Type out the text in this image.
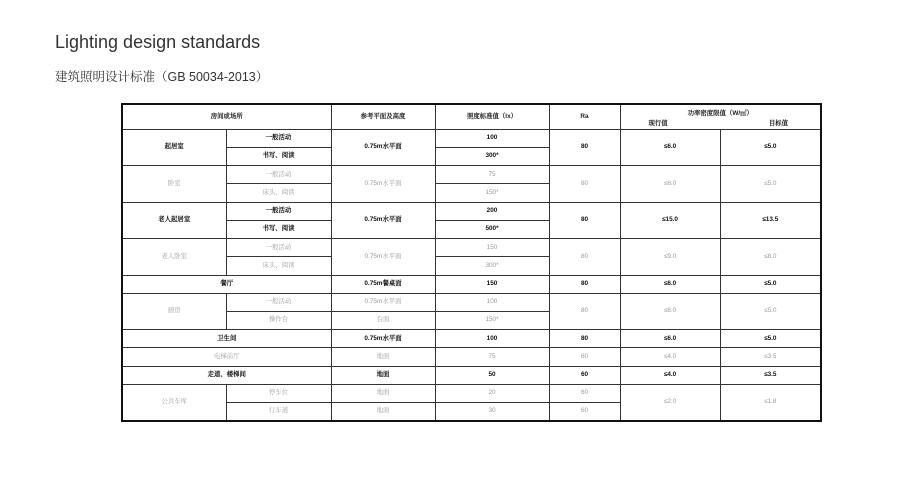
Lighting design standards
建筑照明设计标准（GB 50034-2013）
房间或场所		参考平面及高度	照度标准值（lx）	Ra	功率密度限值（W/㎡）
现行值 目标值	

起居室	一般活动	0.75m水平面	100	80	≤6.0	≤5.0
	书写、阅读		300*			
卧室	一般活动	0.75m水平面	75	80	≤6.0	≤5.0
	床头、阅读		150*			
老人起居室	一般活动	0.75m水平面	200	80	≤15.0	≤13.5
	书写、阅读		500*			
老人卧室	一般活动	0.75m水平面	150	80	≤9.0	≤8.0
	床头、阅读		300*			
餐厅		0.75m餐桌面	150	80	≤6.0	≤5.0
厨房	一般活动	0.75m水平面	100	80	≤6.0	≤5.0
	操作台	台面	150*			
卫生间		0.75m水平面	100	80	≤6.0	≤5.0
电梯前厅		地面	75	60	≤4.0	≤3.5
走道、楼梯间		地面	50	60	≤4.0	≤3.5
公共车库	停车位	地面	20	60	≤2.0	≤1.8
	行车道	地面	30	60		
